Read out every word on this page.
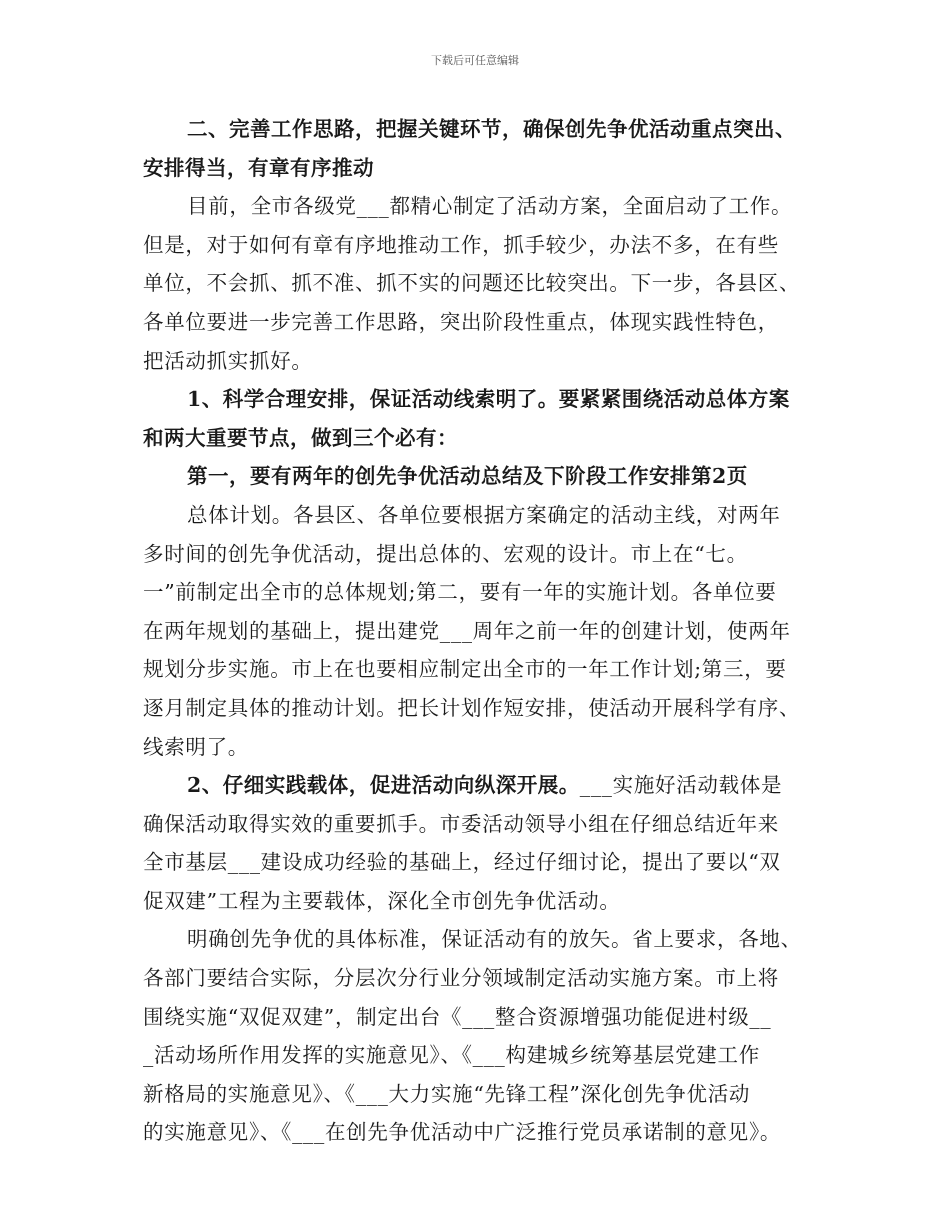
下载后可任意编辑
二、完善工作思路，把握关键环节，确保创先争优活动重点突出、
安排得当，有章有序推动
目前，全市各级党___都精心制定了活动方案，全面启动了工作。
但是，对于如何有章有序地推动工作，抓手较少，办法不多，在有些
单位，不会抓、抓不准、抓不实的问题还比较突出。下一步，各县区、
各单位要进一步完善工作思路，突出阶段性重点，体现实践性特色，
把活动抓实抓好。
1、科学合理安排，保证活动线索明了。要紧紧围绕活动总体方案
和两大重要节点，做到三个必有：
第一，要有两年的创先争优活动总结及下阶段工作安排第2页
总体计划。各县区、各单位要根据方案确定的活动主线，对两年
多时间的创先争优活动，提出总体的、宏观的设计。市上在“七。
一”前制定出全市的总体规划;第二，要有一年的实施计划。各单位要
在两年规划的基础上，提出建党___周年之前一年的创建计划，使两年
规划分步实施。市上在也要相应制定出全市的一年工作计划;第三，要
逐月制定具体的推动计划。把长计划作短安排，使活动开展科学有序、
线索明了。
2、仔细实践载体，促进活动向纵深开展。___实施好活动载体是
确保活动取得实效的重要抓手。市委活动领导小组在仔细总结近年来
全市基层___建设成功经验的基础上，经过仔细讨论，提出了要以“双
促双建”工程为主要载体，深化全市创先争优活动。
明确创先争优的具体标准，保证活动有的放矢。省上要求，各地、
各部门要结合实际，分层次分行业分领域制定活动实施方案。市上将
围绕实施“双促双建”，制定出台《___整合资源增强功能促进村级__
_活动场所作用发挥的实施意见》、《___构建城乡统筹基层党建工作
新格局的实施意见》、《___大力实施“先锋工程”深化创先争优活动
的实施意见》、《___在创先争优活动中广泛推行党员承诺制的意见》。
